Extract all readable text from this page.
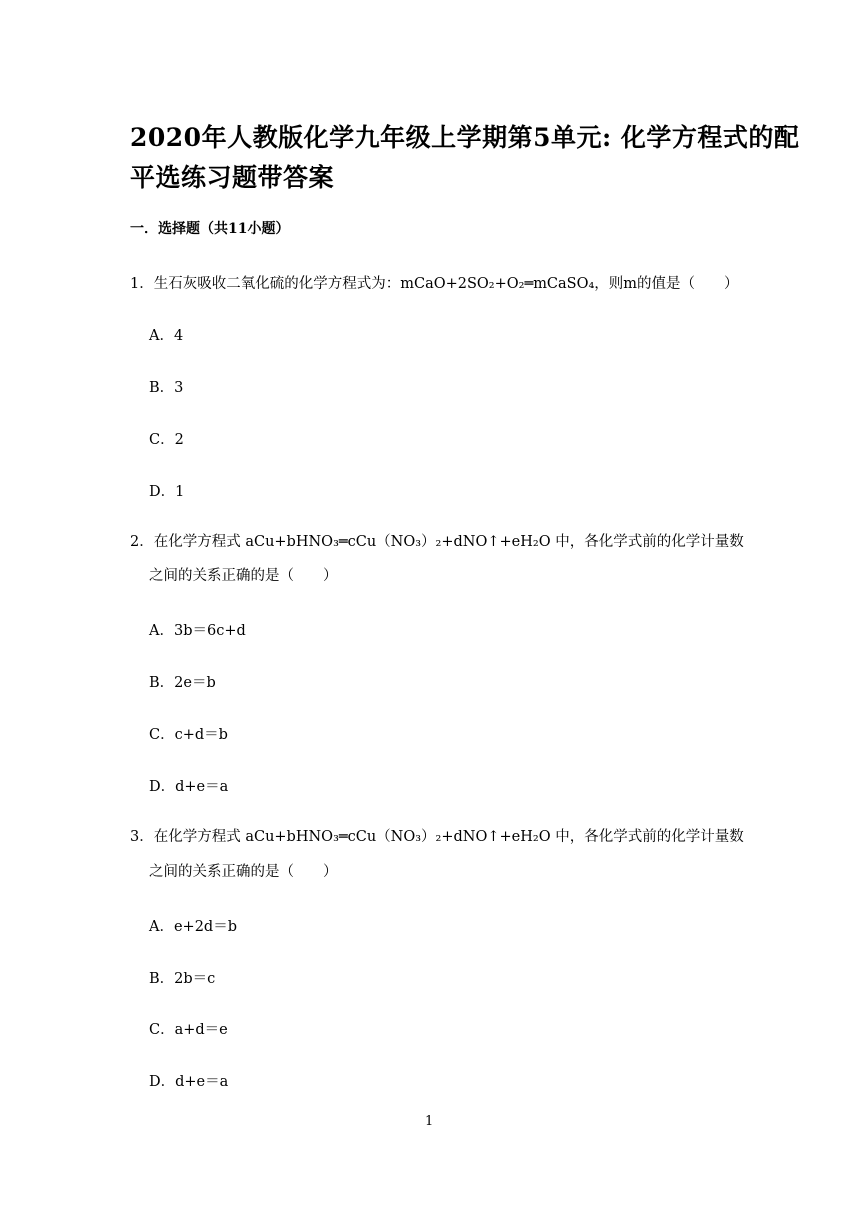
2020年人教版化学九年级上学期第5单元: 化学方程式的配
平选练习题带答案
一．选择题（共11小题）
1．生石灰吸收二氧化硫的化学方程式为：mCaO+2SO₂+O₂═mCaSO₄，则m的值是（　　）
A．4
B．3
C．2
D．1
2．在化学方程式 aCu+bHNO₃═cCu（NO₃）₂+dNO↑+eH₂O 中，各化学式前的化学计量数
之间的关系正确的是（　　）
A．3b＝6c+d
B．2e＝b
C．c+d＝b
D．d+e＝a
3．在化学方程式 aCu+bHNO₃═cCu（NO₃）₂+dNO↑+eH₂O 中，各化学式前的化学计量数
之间的关系正确的是（　　）
A．e+2d＝b
B．2b＝c
C．a+d＝e
D．d+e＝a
1
